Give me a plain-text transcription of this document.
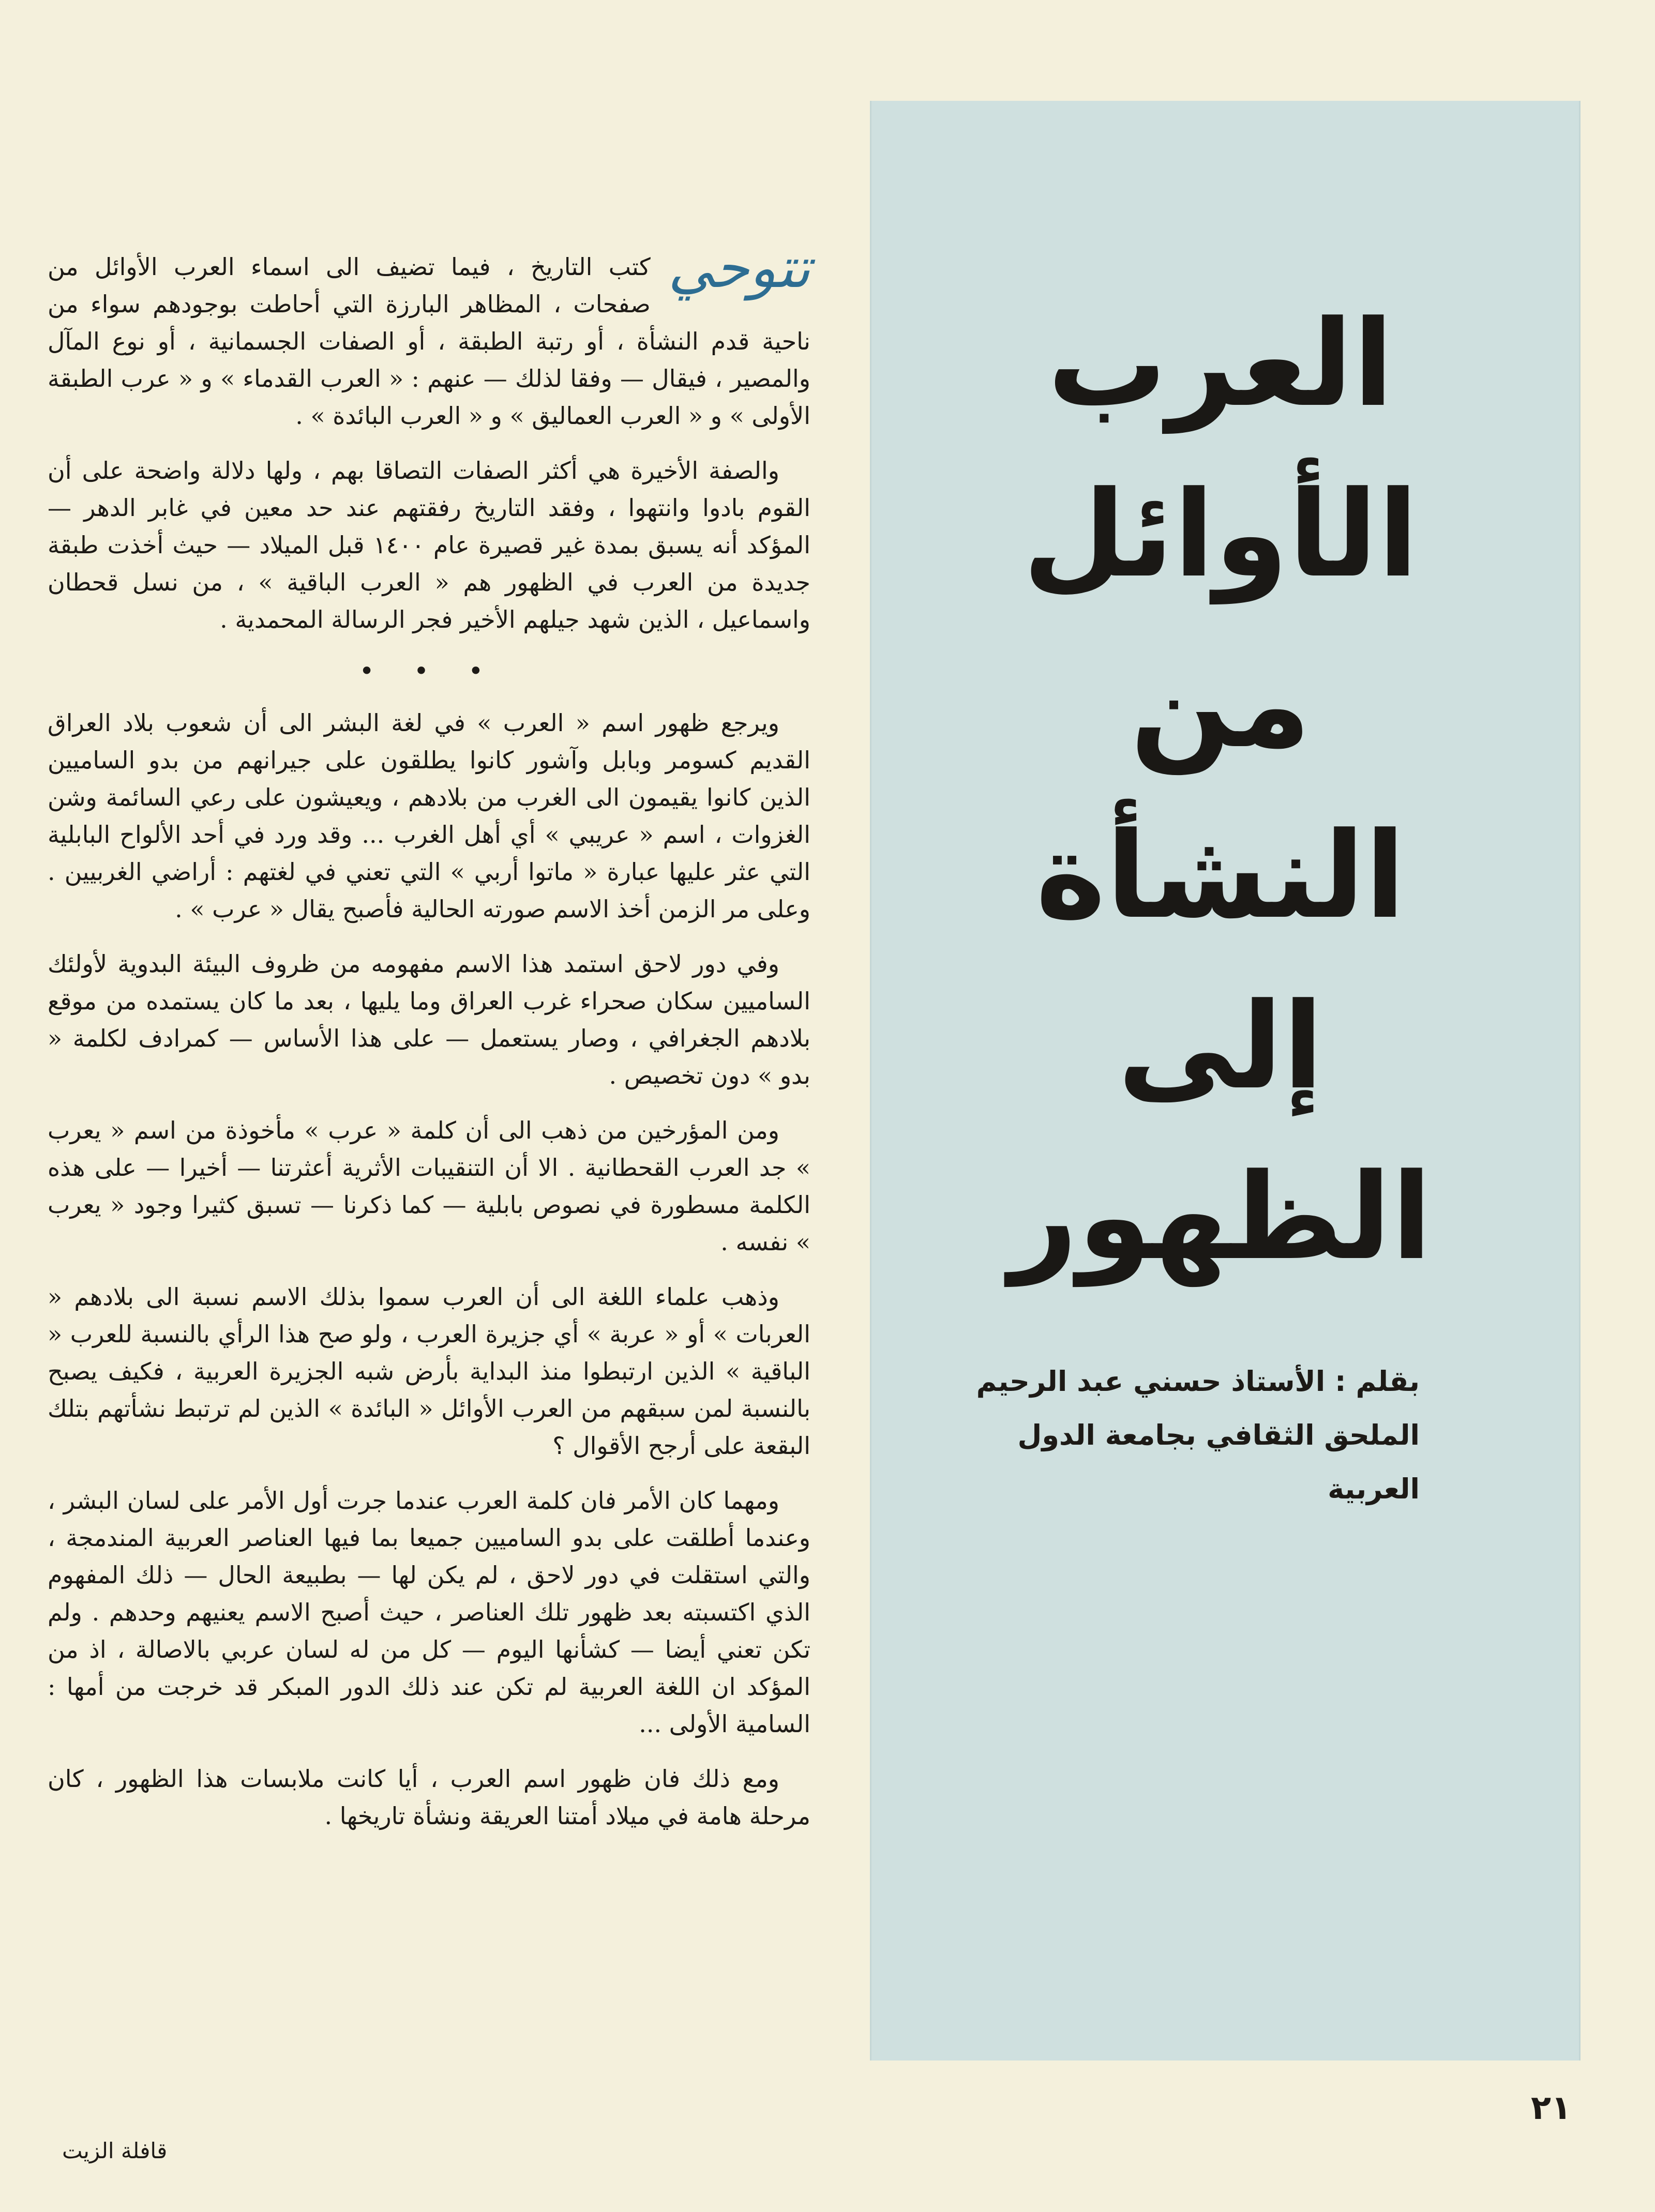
العرب
الأوائل
من النشأة
إلى الظهور
بقلم : الأستاذ حسني عبد الرحيم
الملحق الثقافي بجامعة الدول العربية

تتوحي
كتب التاريخ ، فيما تضيف الى اسماء العرب الأوائل من صفحات ، المظاهر البارزة التي أحاطت بوجودهم سواء من ناحية قدم النشأة ، أو رتبة الطبقة ، أو الصفات الجسمانية ، أو نوع المآل والمصير ، فيقال — وفقا لذلك — عنهم : « العرب القدماء » و « عرب الطبقة الأولى » و « العرب العماليق » و « العرب البائدة » .

والصفة الأخيرة هي أكثر الصفات التصاقا بهم ، ولها دلالة واضحة على أن القوم بادوا وانتهوا ، وفقد التاريخ رفقتهم عند حد معين في غابر الدهر — المؤكد أنه يسبق بمدة غير قصيرة عام ١٤٠٠ قبل الميلاد — حيث أخذت طبقة جديدة من العرب في الظهور هم « العرب الباقية » ، من نسل قحطان واسماعيل ، الذين شهد جيلهم الأخير فجر الرسالة المحمدية .

• • •

ويرجع ظهور اسم « العرب » في لغة البشر الى أن شعوب بلاد العراق القديم كسومر وبابل وآشور كانوا يطلقون على جيرانهم من بدو الساميين الذين كانوا يقيمون الى الغرب من بلادهم ، ويعيشون على رعي السائمة وشن الغزوات ، اسم « عريبي » أي أهل الغرب ... وقد ورد في أحد الألواح البابلية التي عثر عليها عبارة « ماتوا أربي » التي تعني في لغتهم : أراضي الغربيين . وعلى مر الزمن أخذ الاسم صورته الحالية فأصبح يقال « عرب » .

وفي دور لاحق استمد هذا الاسم مفهومه من ظروف البيئة البدوية لأولئك الساميين سكان صحراء غرب العراق وما يليها ، بعد ما كان يستمده من موقع بلادهم الجغرافي ، وصار يستعمل — على هذا الأساس — كمرادف لكلمة « بدو » دون تخصيص .

ومن المؤرخين من ذهب الى أن كلمة « عرب » مأخوذة من اسم « يعرب » جد العرب القحطانية . الا أن التنقيبات الأثرية أعثرتنا — أخيرا — على هذه الكلمة مسطورة في نصوص بابلية — كما ذكرنا — تسبق كثيرا وجود « يعرب » نفسه .

وذهب علماء اللغة الى أن العرب سموا بذلك الاسم نسبة الى بلادهم « العربات » أو « عربة » أي جزيرة العرب ، ولو صح هذا الرأي بالنسبة للعرب « الباقية » الذين ارتبطوا منذ البداية بأرض شبه الجزيرة العربية ، فكيف يصبح بالنسبة لمن سبقهم من العرب الأوائل « البائدة » الذين لم ترتبط نشأتهم بتلك البقعة على أرجح الأقوال ؟

ومهما كان الأمر فان كلمة العرب عندما جرت أول الأمر على لسان البشر ، وعندما أطلقت على بدو الساميين جميعا بما فيها العناصر العربية المندمجة ، والتي استقلت في دور لاحق ، لم يكن لها — بطبيعة الحال — ذلك المفهوم الذي اكتسبته بعد ظهور تلك العناصر ، حيث أصبح الاسم يعنيهم وحدهم . ولم تكن تعني أيضا — كشأنها اليوم — كل من له لسان عربي بالاصالة ، اذ من المؤكد ان اللغة العربية لم تكن عند ذلك الدور المبكر قد خرجت من أمها : السامية الأولى ...

ومع ذلك فان ظهور اسم العرب ، أيا كانت ملابسات هذا الظهور ، كان مرحلة هامة في ميلاد أمتنا العريقة ونشأة تاريخها .

٢١
قافلة الزيت
